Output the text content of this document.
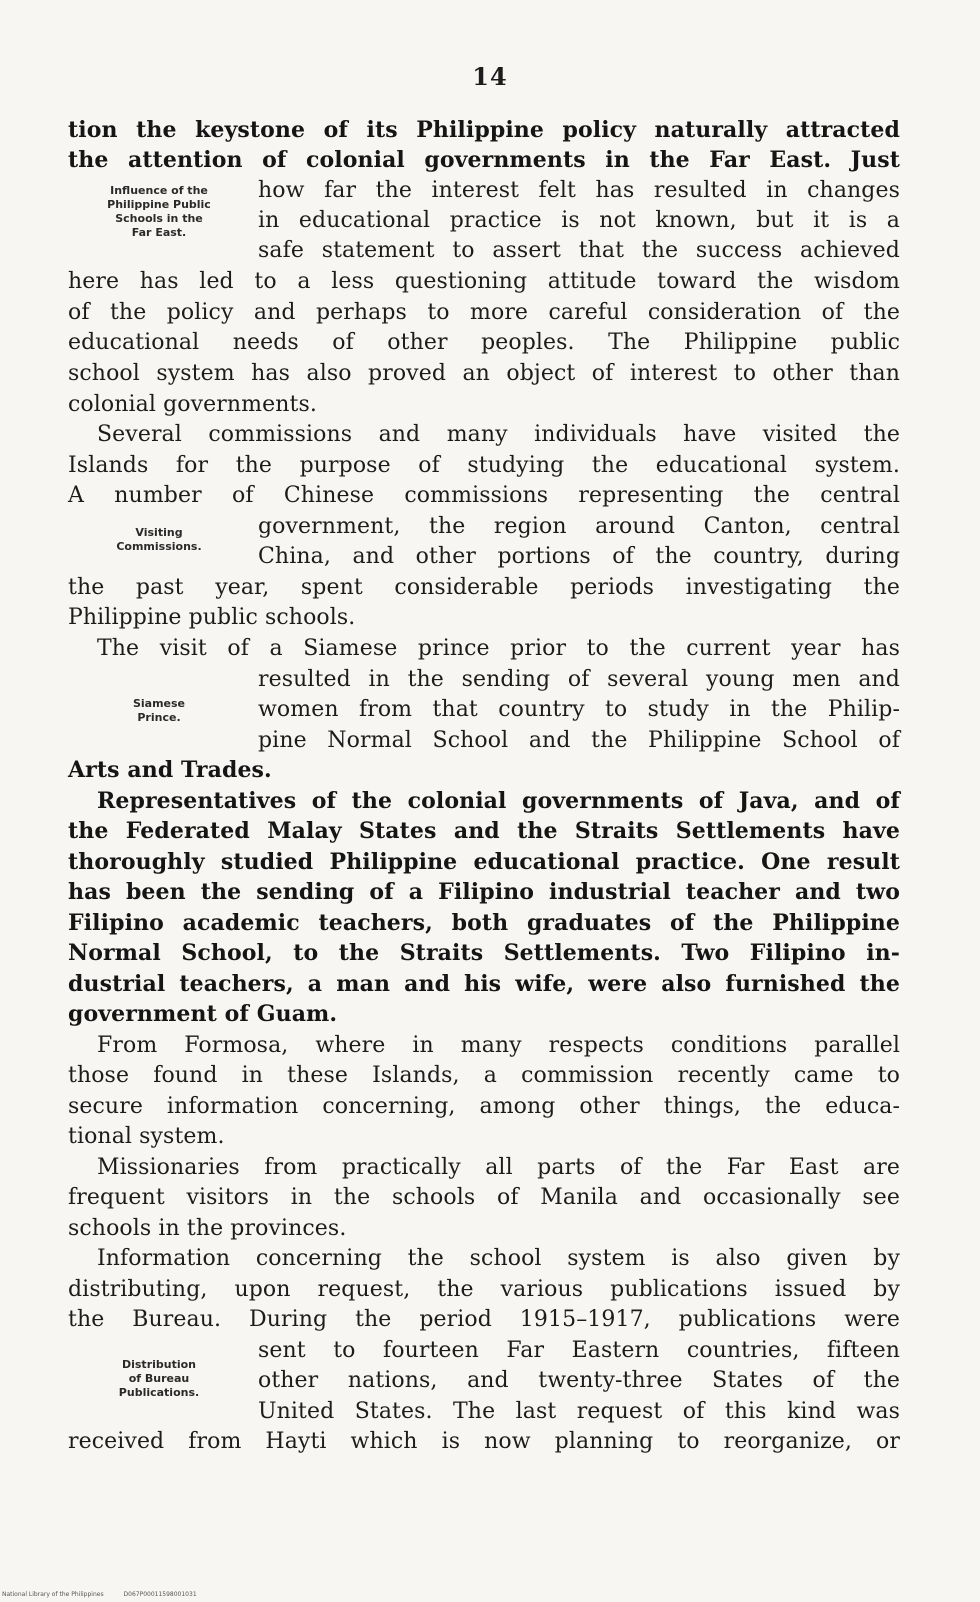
14
Influence of the
Philippine Public
Schools in the
Far East.
Visiting
Commissions.
Siamese
Prince.
Distribution
of Bureau
Publications.
tion the keystone of its Philippine policy naturally attracted
the attention of colonial governments in the Far East. Just
how far the interest felt has resulted in changes
in educational practice is not known, but it is a
safe statement to assert that the success achieved
here has led to a less questioning attitude toward the wisdom
of the policy and perhaps to more careful consideration of the
educational needs of other peoples. The Philippine public
school system has also proved an object of interest to other than
colonial governments.
Several commissions and many individuals have visited the
Islands for the purpose of studying the educational system.
A number of Chinese commissions representing the central
government, the region around Canton, central
China, and other portions of the country, during
the past year, spent considerable periods investigating the
Philippine public schools.
The visit of a Siamese prince prior to the current year has
resulted in the sending of several young men and
women from that country to study in the Philip-
pine Normal School and the Philippine School of
Arts and Trades.
Representatives of the colonial governments of Java, and of
the Federated Malay States and the Straits Settlements have
thoroughly studied Philippine educational practice. One result
has been the sending of a Filipino industrial teacher and two
Filipino academic teachers, both graduates of the Philippine
Normal School, to the Straits Settlements. Two Filipino in-
dustrial teachers, a man and his wife, were also furnished the
government of Guam.
From Formosa, where in many respects conditions parallel
those found in these Islands, a commission recently came to
secure information concerning, among other things, the educa-
tional system.
Missionaries from practically all parts of the Far East are
frequent visitors in the schools of Manila and occasionally see
schools in the provinces.
Information concerning the school system is also given by
distributing, upon request, the various publications issued by
the Bureau. During the period 1915–1917, publications were
sent to fourteen Far Eastern countries, fifteen
other nations, and twenty-three States of the
United States. The last request of this kind was
received from Hayti which is now planning to reorganize, or
National Library of the Philippines	D067P00011598001031
